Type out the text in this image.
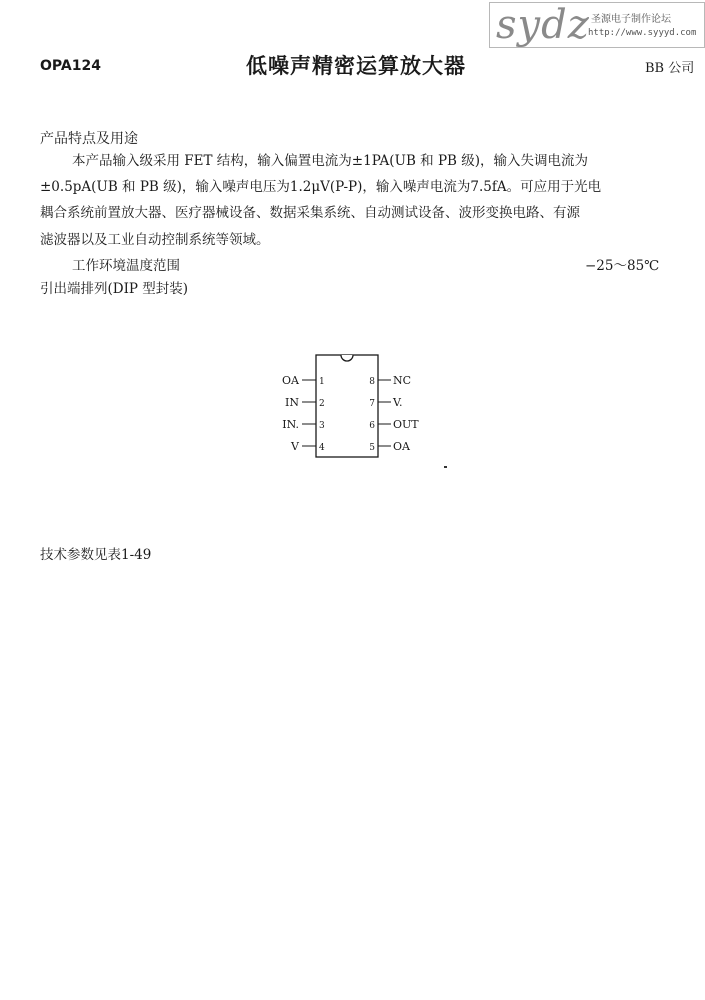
sydz 圣源电子制作论坛
http://www.syyyd.com
OPA124	低噪声精密运算放大器	BB 公司
产品特点及用途
本产品输入级采用 FET 结构，输入偏置电流为±1PA(UB 和 PB 级)，输入失调电流为
±0.5pA(UB 和 PB 级)，输入噪声电压为1.2μV(P-P)，输入噪声电流为7.5fA。可应用于光电
耦合系统前置放大器、医疗器械设备、数据采集系统、自动测试设备、波形变换电路、有源
滤波器以及工业自动控制系统等领域。
工作环境温度范围	−25～85℃
引出端排列(DIP 型封装)
OA 1
IN 2
IN. 3
V 4
8 NC
7 V.
6 OUT
5 OA
技术参数见表1-49
